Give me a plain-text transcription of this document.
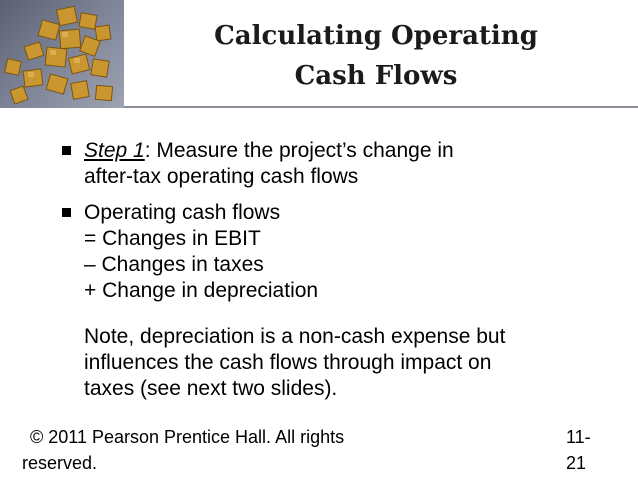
Calculating Operating
Cash Flows
Step 1: Measure the project’s change in
after-tax operating cash flows
Operating cash flows
= Changes in EBIT
– Changes in taxes
+ Change in depreciation
Note, depreciation is a non-cash expense but
influences the cash flows through impact on
taxes (see next two slides).
© 2011 Pearson Prentice Hall. All rights
reserved.
11-
21
